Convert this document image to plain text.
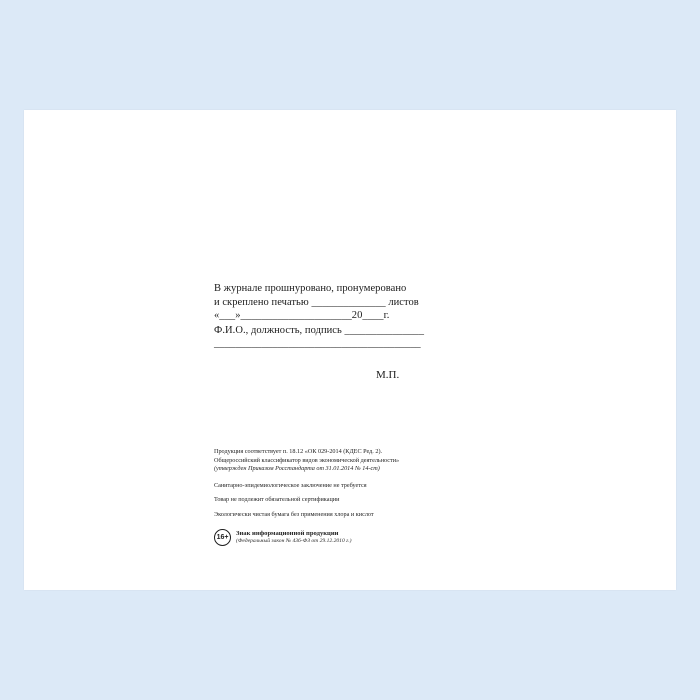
В журнале прошнуровано, пронумеровано
и скреплено печатью ______________ листов
«___»_____________________20____г.
Ф.И.О., должность, подпись _______________
_______________________________________
М.П.
Продукция соответствует п. 18.12 «ОК 029-2014 (КДЕС Ред. 2).
Общероссийский классификатор видов экономической деятельности»
(утвержден Приказом Росстандарта от 31.01.2014 № 14-ст)
Санитарно-эпидемиологическое заключение не требуется
Товар не подлежит обязательной сертификации
Экологически чистая бумага без применения хлора и кислот
16+
Знак информационной продукции
(Федеральный закон № 436-ФЗ от 29.12.2010 г.)
